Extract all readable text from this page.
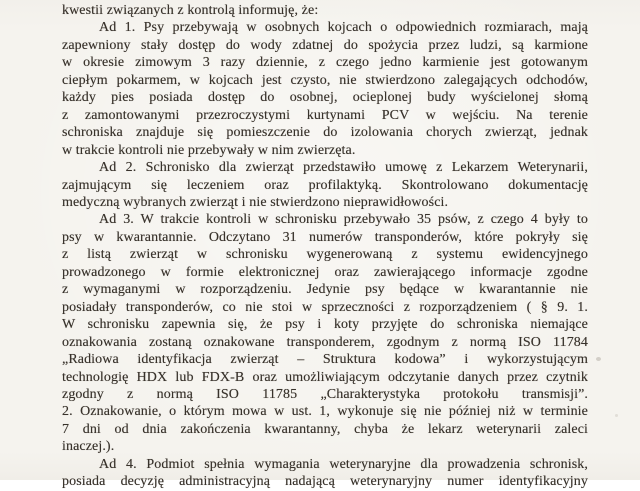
kwestii związanych z kontrolą informuję, że:

Ad 1. Psy przebywają w osobnych kojcach o odpowiednich rozmiarach, mają

zapewniony stały dostęp do wody zdatnej do spożycia przez ludzi, są karmione

w okresie zimowym 3 razy dziennie, z czego jedno karmienie jest gotowanym

ciepłym pokarmem, w kojcach jest czysto, nie stwierdzono zalegających odchodów,

każdy pies posiada dostęp do osobnej, ocieplonej budy wyścielonej słomą

z zamontowanymi przezroczystymi kurtynami PCV w wejściu. Na terenie

schroniska znajduje się pomieszczenie do izolowania chorych zwierząt, jednak

w trakcie kontroli nie przebywały w nim zwierzęta.

Ad 2. Schronisko dla zwierząt przedstawiło umowę z Lekarzem Weterynarii,

zajmującym się leczeniem oraz profilaktyką. Skontrolowano dokumentację

medyczną wybranych zwierząt i nie stwierdzono nieprawidłowości.

Ad 3. W trakcie kontroli w schronisku przebywało 35 psów, z czego 4 były to

psy w kwarantannie. Odczytano 31 numerów transponderów, które pokryły się

z listą zwierząt w schronisku wygenerowaną z systemu ewidencyjnego

prowadzonego w formie elektronicznej oraz zawierającego informacje zgodne

z wymaganymi w rozporządzeniu. Jedynie psy będące w kwarantannie nie

posiadały transponderów, co nie stoi w sprzeczności z rozporządzeniem ( § 9. 1.

W schronisku zapewnia się, że psy i koty przyjęte do schroniska niemające

oznakowania zostaną oznakowane transponderem, zgodnym z normą ISO 11784

„Radiowa identyfikacja zwierząt – Struktura kodowa” i wykorzystującym

technologię HDX lub FDX-B oraz umożliwiającym odczytanie danych przez czytnik

zgodny z normą ISO 11785 „Charakterystyka protokołu transmisji”.

2. Oznakowanie, o którym mowa w ust. 1, wykonuje się nie później niż w terminie

7 dni od dnia zakończenia kwarantanny, chyba że lekarz weterynarii zaleci

inaczej.).

Ad 4. Podmiot spełnia wymagania weterynaryjne dla prowadzenia schronisk,

posiada decyzję administracyjną nadającą weterynaryjny numer identyfikacyjny
